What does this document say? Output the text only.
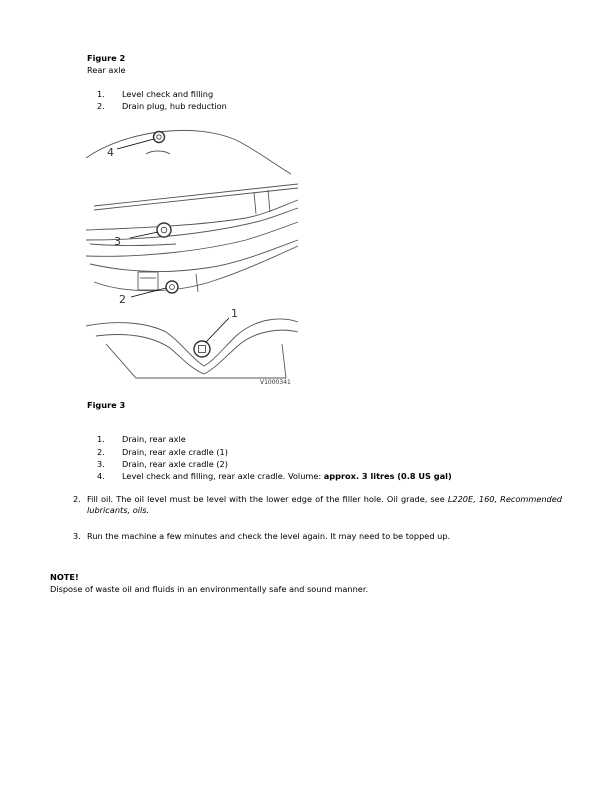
Figure 2
Rear axle
1. Level check and filling
2. Drain plug, hub reduction
4
3
2
1
V1000341
Figure 3
1. Drain, rear axle
2. Drain, rear axle cradle (1)
3. Drain, rear axle cradle (2)
4. Level check and filling, rear axle cradle. Volume: approx. 3 litres (0.8 US gal)
2. Fill oil. The oil level must be level with the lower edge of the filler hole. Oil grade, see L220E, 160, Recommended lubricants, oils.
3. Run the machine a few minutes and check the level again. It may need to be topped up.
NOTE!
Dispose of waste oil and fluids in an environmentally safe and sound manner.
